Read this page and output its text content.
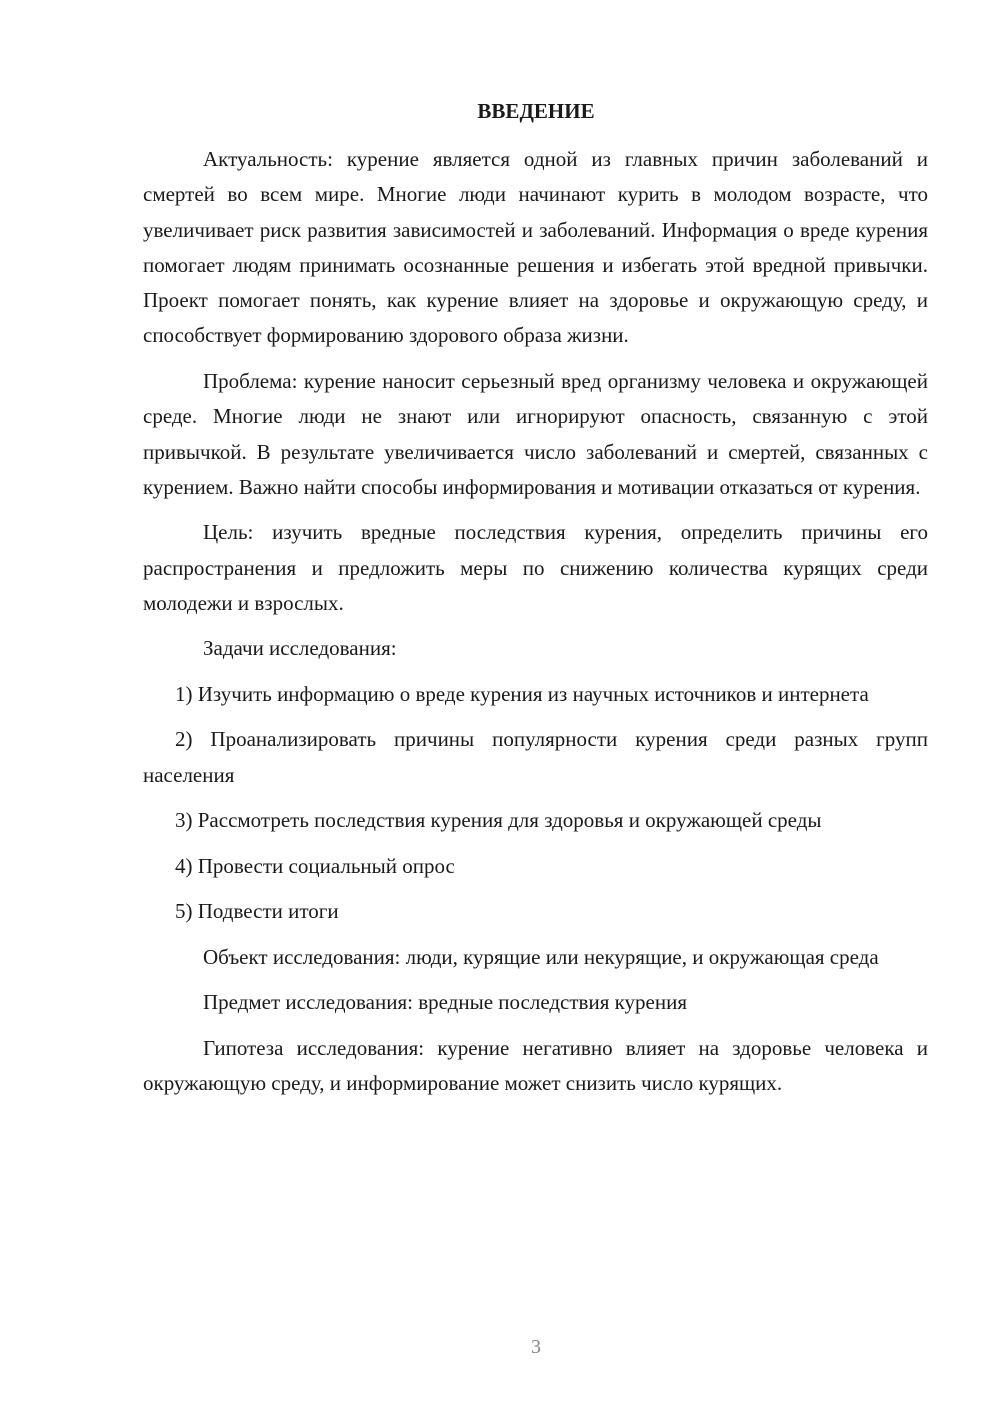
ВВЕДЕНИЕ

Актуальность: курение является одной из главных причин заболеваний и смертей во всем мире. Многие люди начинают курить в молодом возрасте, что увеличивает риск развития зависимостей и заболеваний. Информация о вреде курения помогает людям принимать осознанные решения и избегать этой вредной привычки. Проект помогает понять, как курение влияет на здоровье и окружающую среду, и способствует формированию здорового образа жизни.

Проблема: курение наносит серьезный вред организму человека и окружающей среде. Многие люди не знают или игнорируют опасность, связанную с этой привычкой. В результате увеличивается число заболеваний и смертей, связанных с курением. Важно найти способы информирования и мотивации отказаться от курения.

Цель: изучить вредные последствия курения, определить причины его распространения и предложить меры по снижению количества курящих среди молодежи и взрослых.

Задачи исследования:

1) Изучить информацию о вреде курения из научных источников и интернета

2) Проанализировать причины популярности курения среди разных групп населения

3) Рассмотреть последствия курения для здоровья и окружающей среды

4) Провести социальный опрос

5) Подвести итоги

Объект исследования: люди, курящие или некурящие, и окружающая среда

Предмет исследования: вредные последствия курения

Гипотеза исследования: курение негативно влияет на здоровье человека и окружающую среду, и информирование может снизить число курящих.

3
